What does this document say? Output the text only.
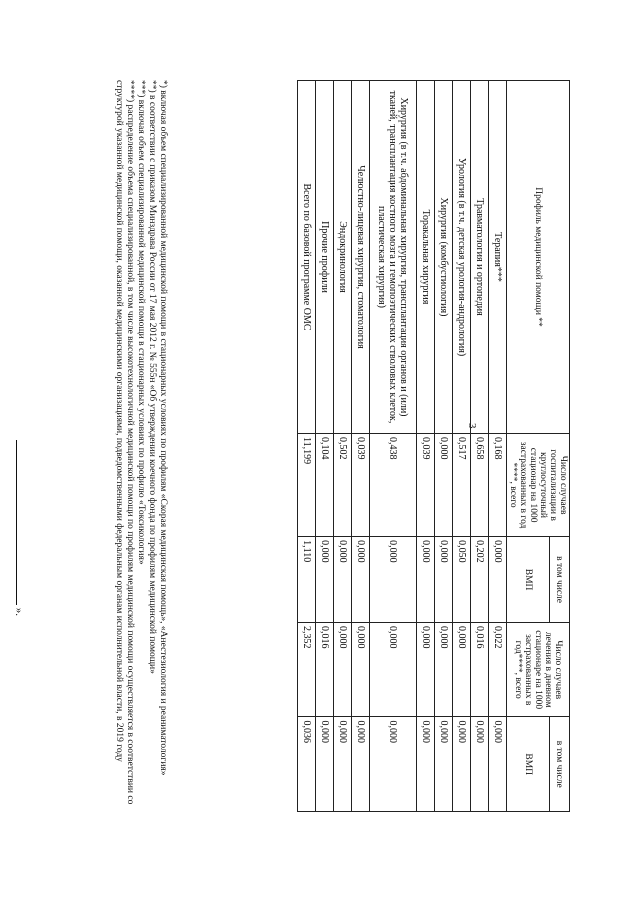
3
Профиль медицинской помощи **	Число случаев госпитализации в круглосуточный стационар на 1000 застрахованных в год ****, всего	в том числе	Число случаев лечения в дневном стационаре на 1000 застрахованных в год****, всего	в том числе
		ВМП		ВМП
Терапия***	0,168	0,000	0,022	0,000
Травматология и ортопедия	0,658	0,202	0,016	0,000
Урология (в т.ч. детская урология-андрология)	0,517	0,050	0,000	0,000
Хирургия (комбустиология)	0,000	0,000	0,000	0,000
Торакальная хирургия	0,039	0,000	0,000	0,000
Хирургия (в т.ч. абдоминальная хирургия, трансплантация органов и (или) тканей, трансплантация костного мозга и гемопоэтических стволовых клеток, пластическая хирургия)	0,438	0,000	0,000	0,000
Челюстно-лицевая хирургия, стоматология	0,039	0,000	0,000	0,000
Эндокринология	0,502	0,000	0,000	0,000
Прочие профили	0,104	0,000	0,016	0,000
Всего по базовой программе ОМС	11,199	1,110	2,352	0,036

*) включая объем специализированной медицинской помощи в стационарных условиях по профилям «Скорая медицинская помощь», «Анестезиология и реаниматология»

**) в соответствии с приказом Минздрава России от 17 мая 2012 г. № 555н «Об утверждении коечного фонда по профилям медицинской помощи»

***) включая объем специализированной медицинской помощи в стационарных условиях по профилю «Токсикология»

****) распределение объема специализированной, в том числе высокотехнологичной медицинской помощи по профилям медицинской помощи осуществляется в соответствии со структурой указанной медицинской помощи, оказанной медицинскими организациями, подведомственными федеральным органам исполнительной власти, в 2019 году

».
